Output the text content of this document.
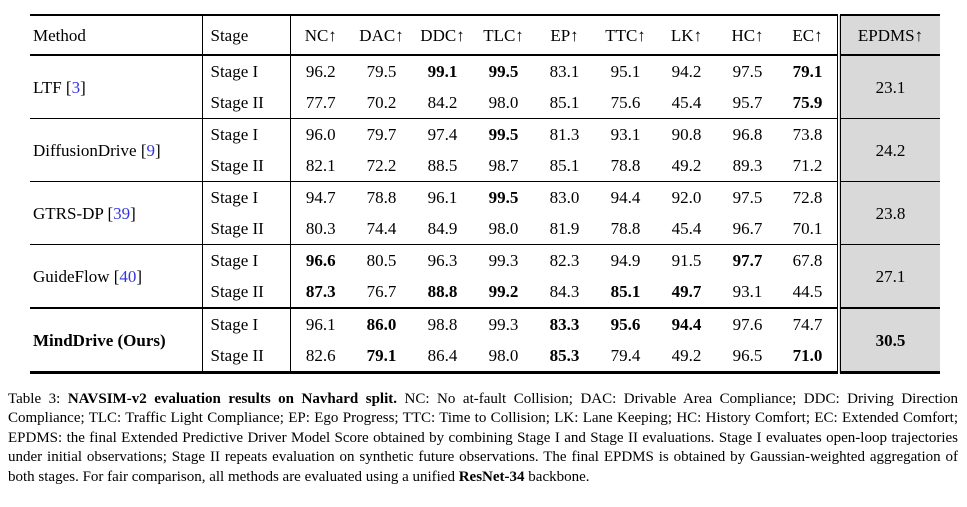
Method	Stage	NC↑	DAC↑	DDC↑	TLC↑	EP↑	TTC↑	LK↑	HC↑	EC↑	EPDMS↑
LTF [3]	Stage I	96.2	79.5	99.1	99.5	83.1	95.1	94.2	97.5	79.1	23.1
	Stage II	77.7	70.2	84.2	98.0	85.1	75.6	45.4	95.7	75.9	
DiffusionDrive [9]	Stage I	96.0	79.7	97.4	99.5	81.3	93.1	90.8	96.8	73.8	24.2
	Stage II	82.1	72.2	88.5	98.7	85.1	78.8	49.2	89.3	71.2	
GTRS-DP [39]	Stage I	94.7	78.8	96.1	99.5	83.0	94.4	92.0	97.5	72.8	23.8
	Stage II	80.3	74.4	84.9	98.0	81.9	78.8	45.4	96.7	70.1	
GuideFlow [40]	Stage I	96.6	80.5	96.3	99.3	82.3	94.9	91.5	97.7	67.8	27.1
	Stage II	87.3	76.7	88.8	99.2	84.3	85.1	49.7	93.1	44.5	
MindDrive (Ours)	Stage I	96.1	86.0	98.8	99.3	83.3	95.6	94.4	97.6	74.7	30.5
	Stage II	82.6	79.1	86.4	98.0	85.3	79.4	49.2	96.5	71.0	

Table 3: NAVSIM-v2 evaluation results on Navhard split. NC: No at-fault Collision; DAC: Drivable Area Compliance; DDC: Driving Direction Compliance; TLC: Traffic Light Compliance; EP: Ego Progress; TTC: Time to Collision; LK: Lane Keeping; HC: History Comfort; EC: Extended Comfort; EPDMS: the final Extended Predictive Driver Model Score obtained by combining Stage I and Stage II evaluations. Stage I evaluates open-loop trajectories under initial observations; Stage II repeats evaluation on synthetic future observations. The final EPDMS is obtained by Gaussian-weighted aggregation of both stages. For fair comparison, all methods are evaluated using a unified ResNet-34 backbone.
